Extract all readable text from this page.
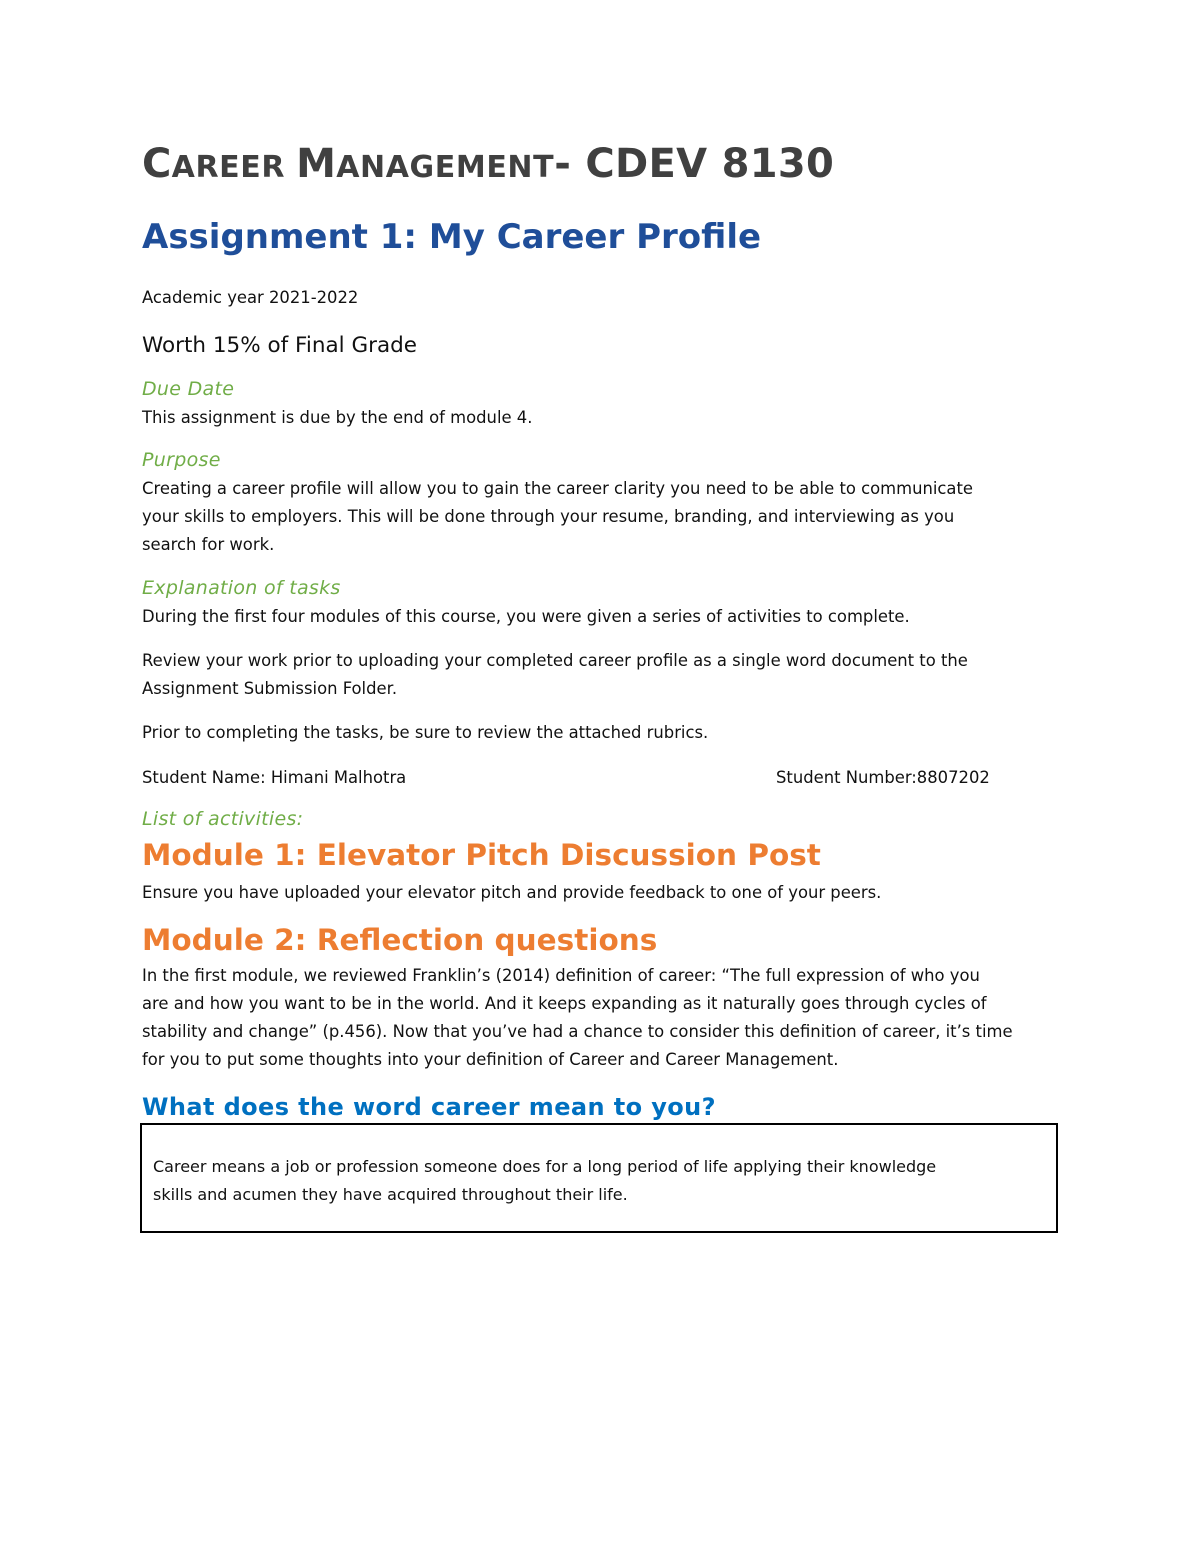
CAREER MANAGEMENT- CDEV 8130
Assignment 1: My Career Profile

Academic year 2021-2022

Worth 15% of Final Grade

Due Date

This assignment is due by the end of module 4.

Purpose

Creating a career profile will allow you to gain the career clarity you need to be able to communicate

your skills to employers. This will be done through your resume, branding, and interviewing as you

search for work.

Explanation of tasks

During the first four modules of this course, you were given a series of activities to complete.

Review your work prior to uploading your completed career profile as a single word document to the

Assignment Submission Folder.

Prior to completing the tasks, be sure to review the attached rubrics.

Student Name: Himani Malhotra	Student Number:8807202

List of activities:

Module 1: Elevator Pitch Discussion Post

Ensure you have uploaded your elevator pitch and provide feedback to one of your peers.

Module 2: Reflection questions

In the first module, we reviewed Franklin’s (2014) definition of career: “The full expression of who you

are and how you want to be in the world. And it keeps expanding as it naturally goes through cycles of

stability and change” (p.456). Now that you’ve had a chance to consider this definition of career, it’s time

for you to put some thoughts into your definition of Career and Career Management.

What does the word career mean to you?

Career means a job or profession someone does for a long period of life applying their knowledge

skills and acumen they have acquired throughout their life.
